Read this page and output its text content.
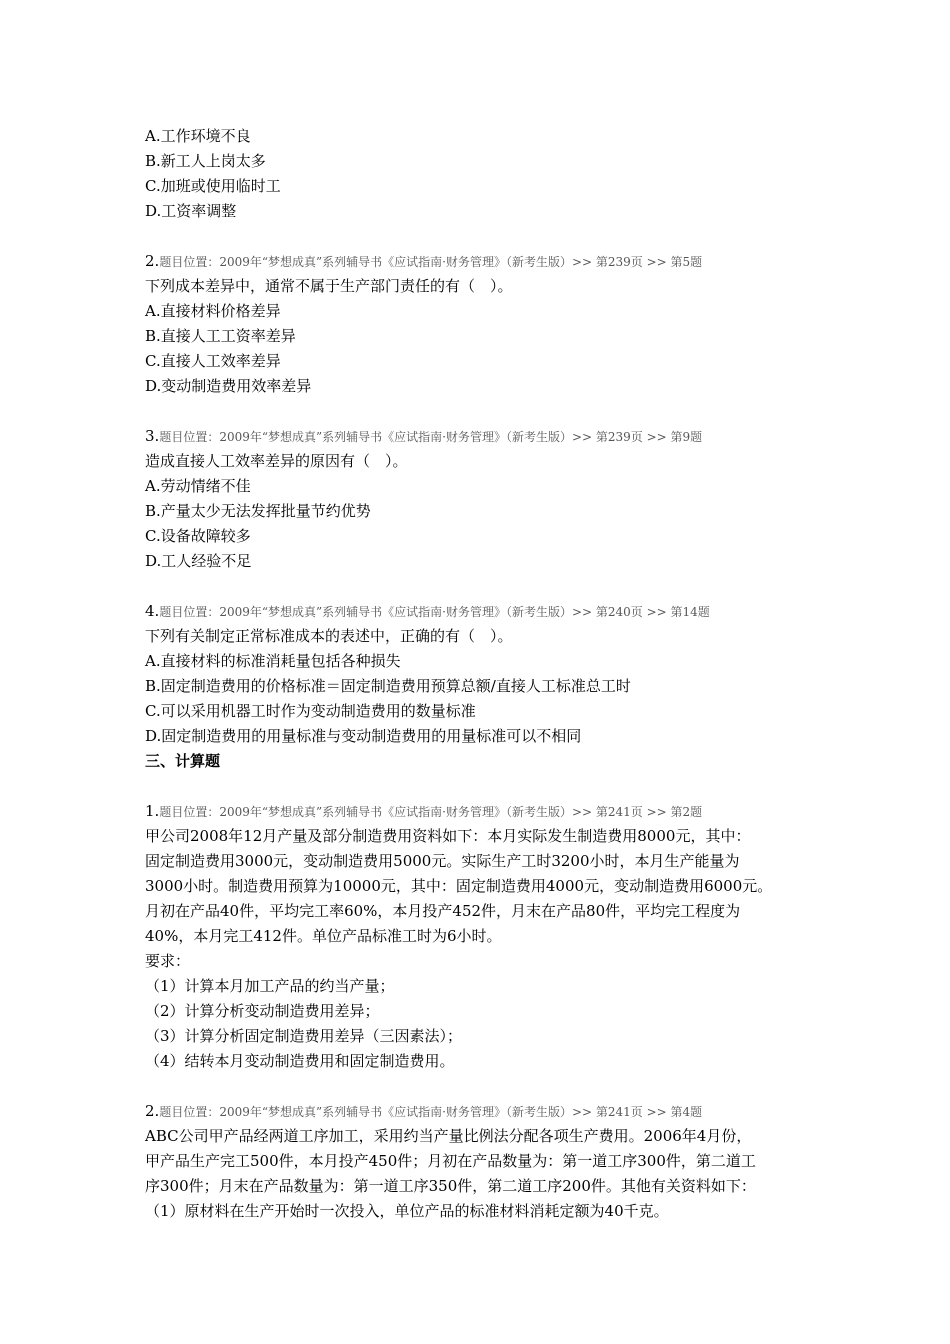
A.工作环境不良
B.新工人上岗太多
C.加班或使用临时工
D.工资率调整
2.题目位置：2009年“梦想成真”系列辅导书《应试指南·财务管理》（新考生版）>> 第239页 >> 第5题
下列成本差异中，通常不属于生产部门责任的有（　）。
A.直接材料价格差异
B.直接人工工资率差异
C.直接人工效率差异
D.变动制造费用效率差异
3.题目位置：2009年“梦想成真”系列辅导书《应试指南·财务管理》（新考生版）>> 第239页 >> 第9题
造成直接人工效率差异的原因有（　）。
A.劳动情绪不佳
B.产量太少无法发挥批量节约优势
C.设备故障较多
D.工人经验不足
4.题目位置：2009年“梦想成真”系列辅导书《应试指南·财务管理》（新考生版）>> 第240页 >> 第14题
下列有关制定正常标准成本的表述中，正确的有（　）。
A.直接材料的标准消耗量包括各种损失
B.固定制造费用的价格标准＝固定制造费用预算总额/直接人工标准总工时
C.可以采用机器工时作为变动制造费用的数量标准
D.固定制造费用的用量标准与变动制造费用的用量标准可以不相同
三、计算题
1.题目位置：2009年“梦想成真”系列辅导书《应试指南·财务管理》（新考生版）>> 第241页 >> 第2题
甲公司2008年12月产量及部分制造费用资料如下：本月实际发生制造费用8000元，其中：
固定制造费用3000元，变动制造费用5000元。实际生产工时3200小时，本月生产能量为
3000小时。制造费用预算为10000元，其中：固定制造费用4000元，变动制造费用6000元。
月初在产品40件，平均完工率60%，本月投产452件，月末在产品80件，平均完工程度为
40%，本月完工412件。单位产品标准工时为6小时。
要求：
（1）计算本月加工产品的约当产量；
（2）计算分析变动制造费用差异；
（3）计算分析固定制造费用差异（三因素法）；
（4）结转本月变动制造费用和固定制造费用。
2.题目位置：2009年“梦想成真”系列辅导书《应试指南·财务管理》（新考生版）>> 第241页 >> 第4题
ABC公司甲产品经两道工序加工，采用约当产量比例法分配各项生产费用。2006年4月份，
甲产品生产完工500件，本月投产450件；月初在产品数量为：第一道工序300件，第二道工
序300件；月末在产品数量为：第一道工序350件，第二道工序200件。其他有关资料如下：
（1）原材料在生产开始时一次投入，单位产品的标准材料消耗定额为40千克。
